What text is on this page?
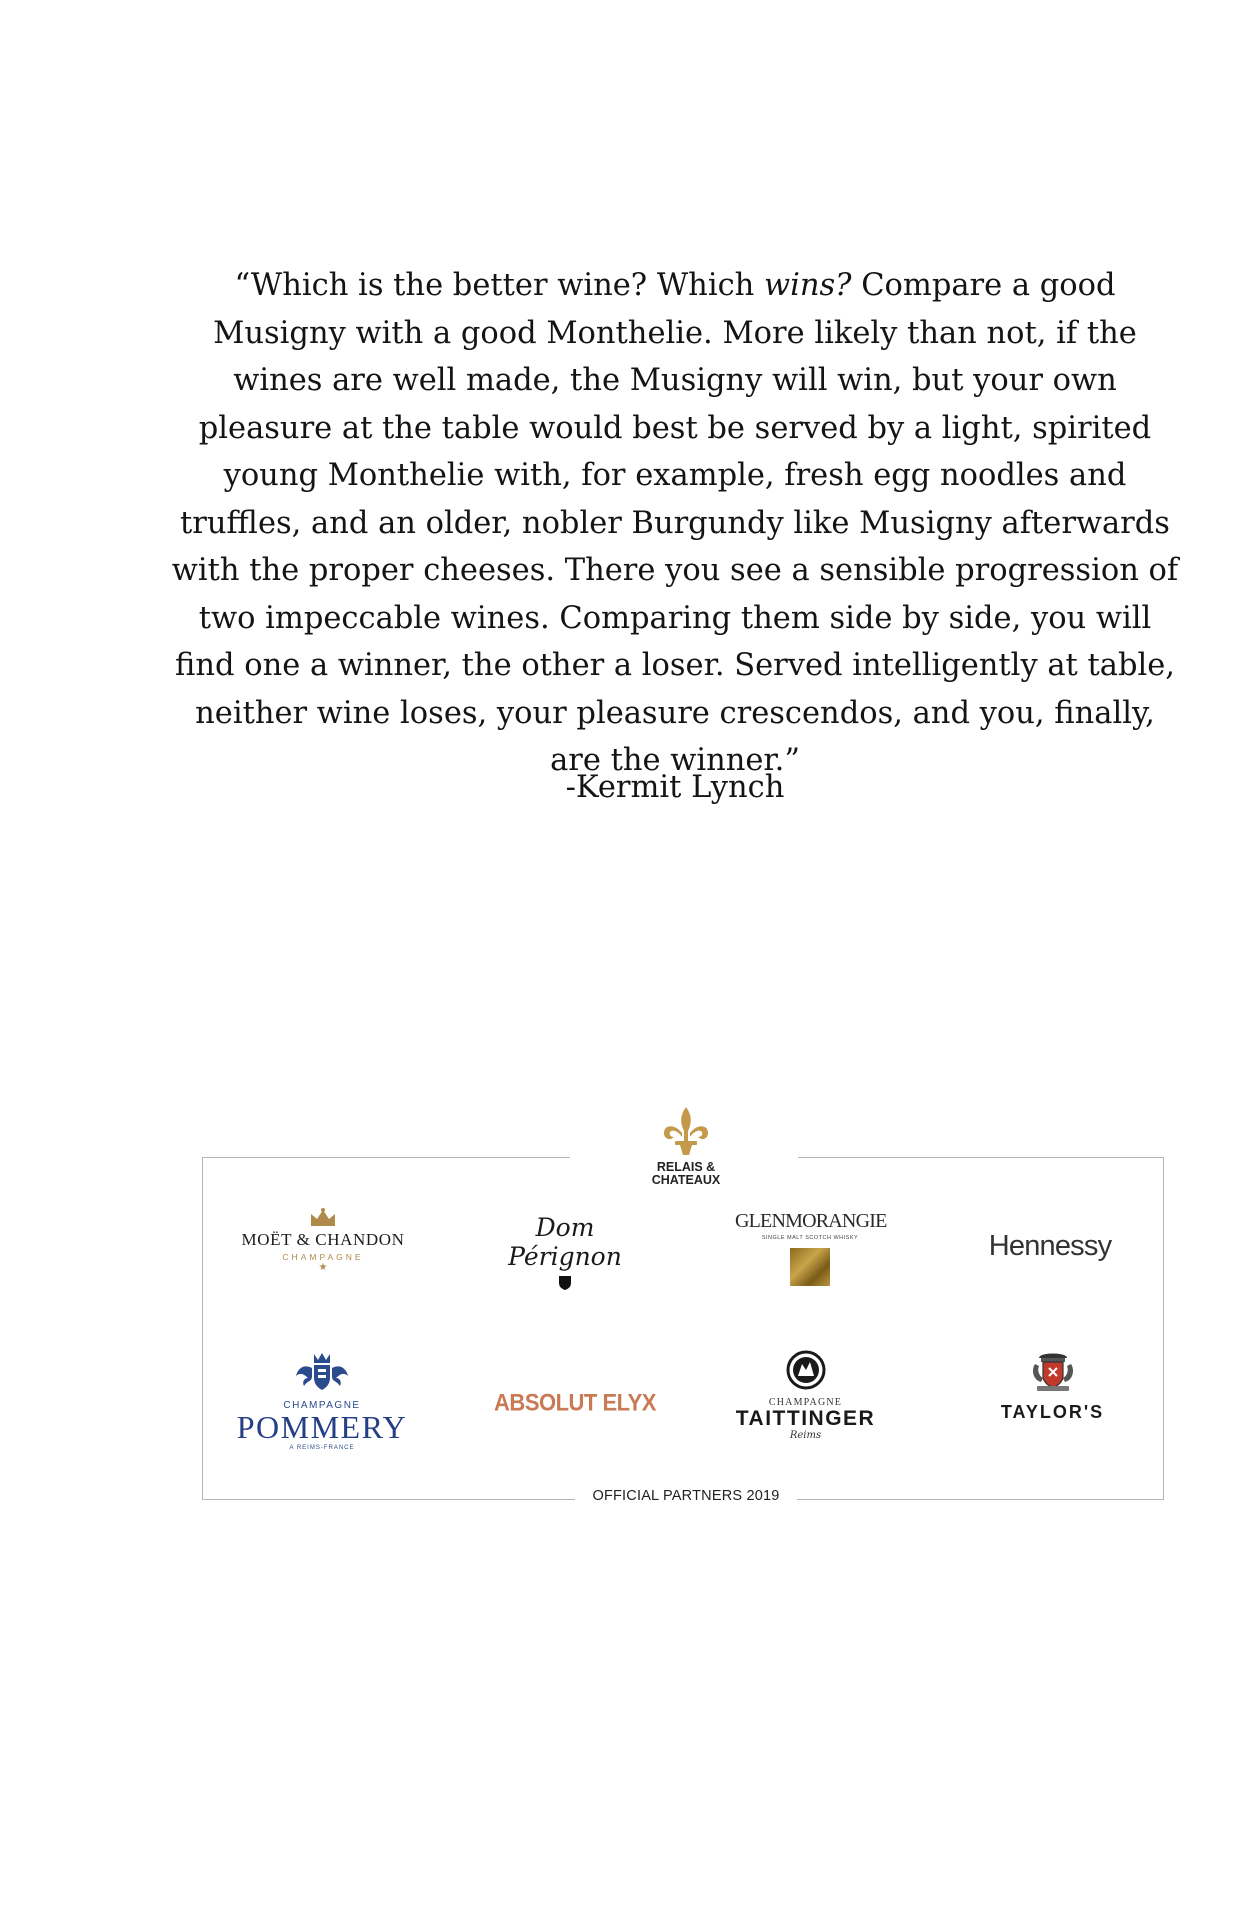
“Which is the better wine? Which wins? Compare a good Musigny with a good Monthelie. More likely than not, if the wines are well made, the Musigny will win, but your own pleasure at the table would best be served by a light, spirited young Monthelie with, for example, fresh egg noodles and truffles, and an older, nobler Burgundy like Musigny afterwards with the proper cheeses. There you see a sensible progression of two impeccable wines. Comparing them side by side, you will find one a winner, the other a loser. Served intelligently at table, neither wine loses, your pleasure crescendos, and you, finally, are the winner.”

-Kermit Lynch

RELAIS & CHATEAUX
OFFICIAL PARTNERS 2019
MOËT & CHANDON
CHAMPAGNE
★
Dom Pérignon
GLENMORANGIE
SINGLE MALT SCOTCH WHISKY	Hennessy
CHAMPAGNE
POMMERY
A REIMS-FRANCE
ABSOLUT ELYX	CHAMPAGNE
TAITTINGER
Reims
TAYLOR'S
